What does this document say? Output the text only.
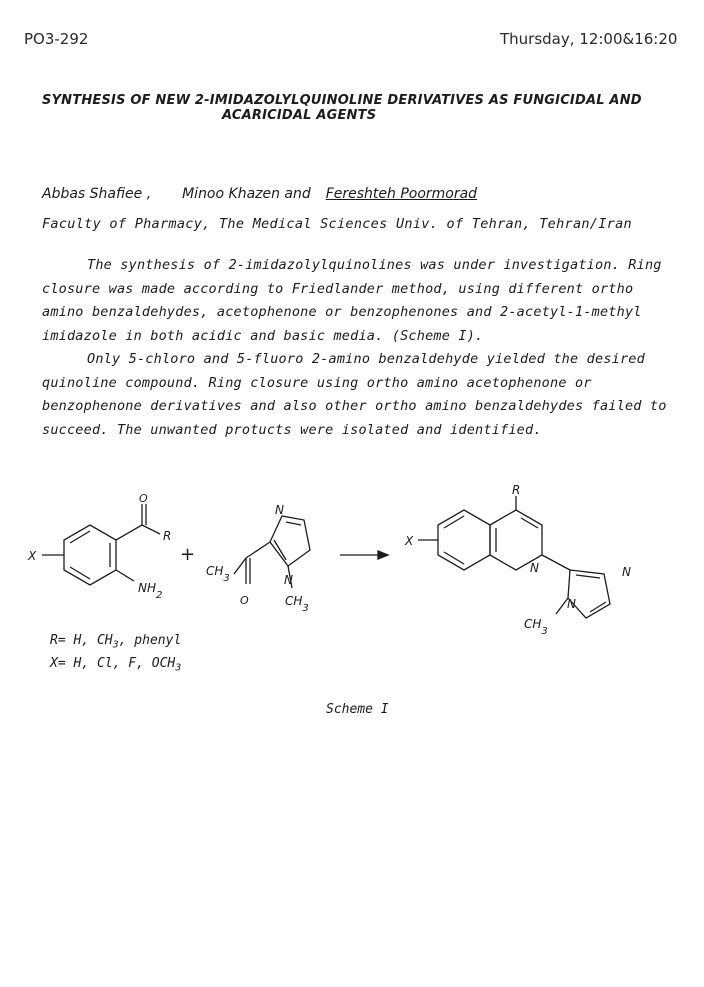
PO3-292	Thursday, 12:00&16:20
SYNTHESIS OF NEW 2-IMIDAZOLYLQUINOLINE DERIVATIVES AS FUNGICIDAL AND
ACARICIDAL AGENTS
Abbas Shafiee , Minoo Khazen and Fereshteh Poormorad
Faculty of Pharmacy, The Medical Sciences Univ. of Tehran, Tehran/Iran

The synthesis of 2-imidazolylquinolines was under investigation. Ring closure was made according to Friedlander method, using different ortho amino benzaldehydes, acetophenone or benzophenones and 2-acetyl-1-methyl imidazole in both acidic and basic media. (Scheme I).

Only 5-chloro and 5-fluoro 2-amino benzaldehyde yielded the desired quinoline compound. Ring closure using ortho amino acetophenone or benzophenone derivatives and also other ortho amino benzaldehydes failed to succeed. The unwanted protucts were isolated and identified.

X
O
R
$NH_2$
+
N
$CH_3$
O
N
$CH_3$
X
R
N	N
N
$CH_3$
R= H, $CH_3$, phenyl
X= H, Cl, F, $OCH_3$
Scheme I
